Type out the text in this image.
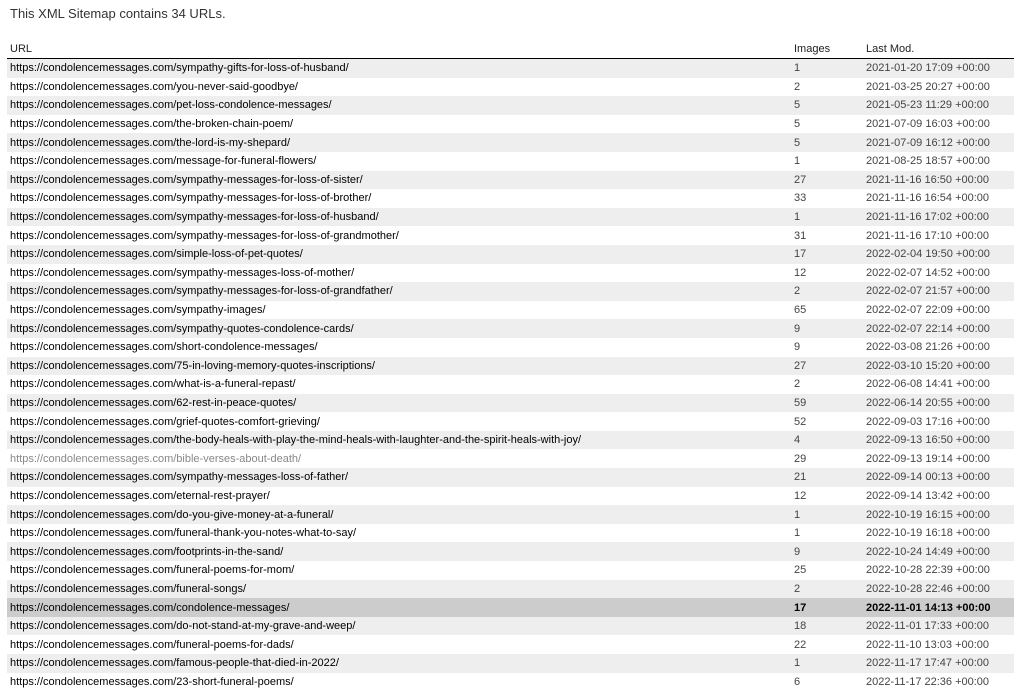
This XML Sitemap contains 34 URLs.
URL	Images	Last Mod.
https://condolencemessages.com/sympathy-gifts-for-loss-of-husband/	1	2021-01-20 17:09 +00:00
https://condolencemessages.com/you-never-said-goodbye/	2	2021-03-25 20:27 +00:00
https://condolencemessages.com/pet-loss-condolence-messages/	5	2021-05-23 11:29 +00:00
https://condolencemessages.com/the-broken-chain-poem/	5	2021-07-09 16:03 +00:00
https://condolencemessages.com/the-lord-is-my-shepard/	5	2021-07-09 16:12 +00:00
https://condolencemessages.com/message-for-funeral-flowers/	1	2021-08-25 18:57 +00:00
https://condolencemessages.com/sympathy-messages-for-loss-of-sister/	27	2021-11-16 16:50 +00:00
https://condolencemessages.com/sympathy-messages-for-loss-of-brother/	33	2021-11-16 16:54 +00:00
https://condolencemessages.com/sympathy-messages-for-loss-of-husband/	1	2021-11-16 17:02 +00:00
https://condolencemessages.com/sympathy-messages-for-loss-of-grandmother/	31	2021-11-16 17:10 +00:00
https://condolencemessages.com/simple-loss-of-pet-quotes/	17	2022-02-04 19:50 +00:00
https://condolencemessages.com/sympathy-messages-loss-of-mother/	12	2022-02-07 14:52 +00:00
https://condolencemessages.com/sympathy-messages-for-loss-of-grandfather/	2	2022-02-07 21:57 +00:00
https://condolencemessages.com/sympathy-images/	65	2022-02-07 22:09 +00:00
https://condolencemessages.com/sympathy-quotes-condolence-cards/	9	2022-02-07 22:14 +00:00
https://condolencemessages.com/short-condolence-messages/	9	2022-03-08 21:26 +00:00
https://condolencemessages.com/75-in-loving-memory-quotes-inscriptions/	27	2022-03-10 15:20 +00:00
https://condolencemessages.com/what-is-a-funeral-repast/	2	2022-06-08 14:41 +00:00
https://condolencemessages.com/62-rest-in-peace-quotes/	59	2022-06-14 20:55 +00:00
https://condolencemessages.com/grief-quotes-comfort-grieving/	52	2022-09-03 17:16 +00:00
https://condolencemessages.com/the-body-heals-with-play-the-mind-heals-with-laughter-and-the-spirit-heals-with-joy/	4	2022-09-13 16:50 +00:00
https://condolencemessages.com/bible-verses-about-death/	29	2022-09-13 19:14 +00:00
https://condolencemessages.com/sympathy-messages-loss-of-father/	21	2022-09-14 00:13 +00:00
https://condolencemessages.com/eternal-rest-prayer/	12	2022-09-14 13:42 +00:00
https://condolencemessages.com/do-you-give-money-at-a-funeral/	1	2022-10-19 16:15 +00:00
https://condolencemessages.com/funeral-thank-you-notes-what-to-say/	1	2022-10-19 16:18 +00:00
https://condolencemessages.com/footprints-in-the-sand/	9	2022-10-24 14:49 +00:00
https://condolencemessages.com/funeral-poems-for-mom/	25	2022-10-28 22:39 +00:00
https://condolencemessages.com/funeral-songs/	2	2022-10-28 22:46 +00:00
https://condolencemessages.com/condolence-messages/	17	2022-11-01 14:13 +00:00
https://condolencemessages.com/do-not-stand-at-my-grave-and-weep/	18	2022-11-01 17:33 +00:00
https://condolencemessages.com/funeral-poems-for-dads/	22	2022-11-10 13:03 +00:00
https://condolencemessages.com/famous-people-that-died-in-2022/	1	2022-11-17 17:47 +00:00
https://condolencemessages.com/23-short-funeral-poems/	6	2022-11-17 22:36 +00:00
